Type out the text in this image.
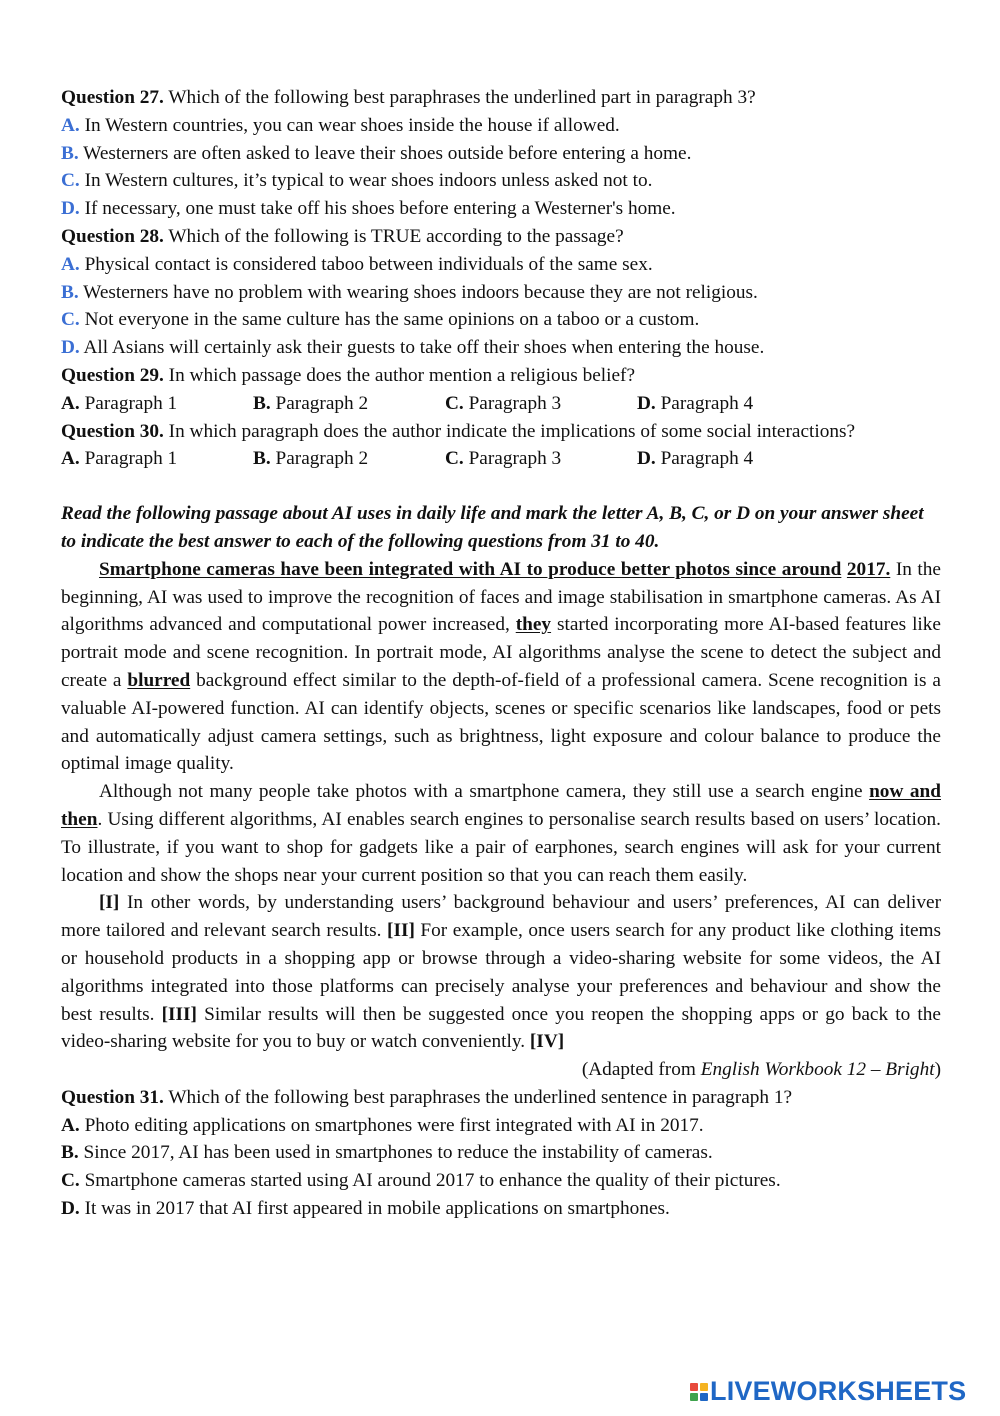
Question 27. Which of the following best paraphrases the underlined part in paragraph 3?
A. In Western countries, you can wear shoes inside the house if allowed.
B. Westerners are often asked to leave their shoes outside before entering a home.
C. In Western cultures, it’s typical to wear shoes indoors unless asked not to.
D. If necessary, one must take off his shoes before entering a Westerner's home.
Question 28. Which of the following is TRUE according to the passage?
A. Physical contact is considered taboo between individuals of the same sex.
B. Westerners have no problem with wearing shoes indoors because they are not religious.
C. Not everyone in the same culture has the same opinions on a taboo or a custom.
D. All Asians will certainly ask their guests to take off their shoes when entering the house.
Question 29. In which passage does the author mention a religious belief?
A. Paragraph 1	B. Paragraph 2	C. Paragraph 3	D. Paragraph 4
Question 30. In which paragraph does the author indicate the implications of some social interactions?
A. Paragraph 1	B. Paragraph 2	C. Paragraph 3	D. Paragraph 4
Read the following passage about AI uses in daily life and mark the letter A, B, C, or D on your answer sheet to indicate the best answer to each of the following questions from 31 to 40.
Smartphone cameras have been integrated with AI to produce better photos since around 2017. In the beginning, AI was used to improve the recognition of faces and image stabilisation in smartphone cameras. As AI algorithms advanced and computational power increased, they started incorporating more AI-based features like portrait mode and scene recognition. In portrait mode, AI algorithms analyse the scene to detect the subject and create a blurred background effect similar to the depth-of-field of a professional camera. Scene recognition is a valuable AI-powered function. AI can identify objects, scenes or specific scenarios like landscapes, food or pets and automatically adjust camera settings, such as brightness, light exposure and colour balance to produce the optimal image quality.
Although not many people take photos with a smartphone camera, they still use a search engine now and then. Using different algorithms, AI enables search engines to personalise search results based on users’ location. To illustrate, if you want to shop for gadgets like a pair of earphones, search engines will ask for your current location and show the shops near your current position so that you can reach them easily.
[I] In other words, by understanding users’ background behaviour and users’ preferences, AI can deliver more tailored and relevant search results. [II] For example, once users search for any product like clothing items or household products in a shopping app or browse through a video-sharing website for some videos, the AI algorithms integrated into those platforms can precisely analyse your preferences and behaviour and show the best results. [III] Similar results will then be suggested once you reopen the shopping apps or go back to the video-sharing website for you to buy or watch conveniently. [IV]
(Adapted from English Workbook 12 – Bright)
Question 31. Which of the following best paraphrases the underlined sentence in paragraph 1?
A. Photo editing applications on smartphones were first integrated with AI in 2017.
B. Since 2017, AI has been used in smartphones to reduce the instability of cameras.
C. Smartphone cameras started using AI around 2017 to enhance the quality of their pictures.
D. It was in 2017 that AI first appeared in mobile applications on smartphones.
LIVEWORKSHEETS
